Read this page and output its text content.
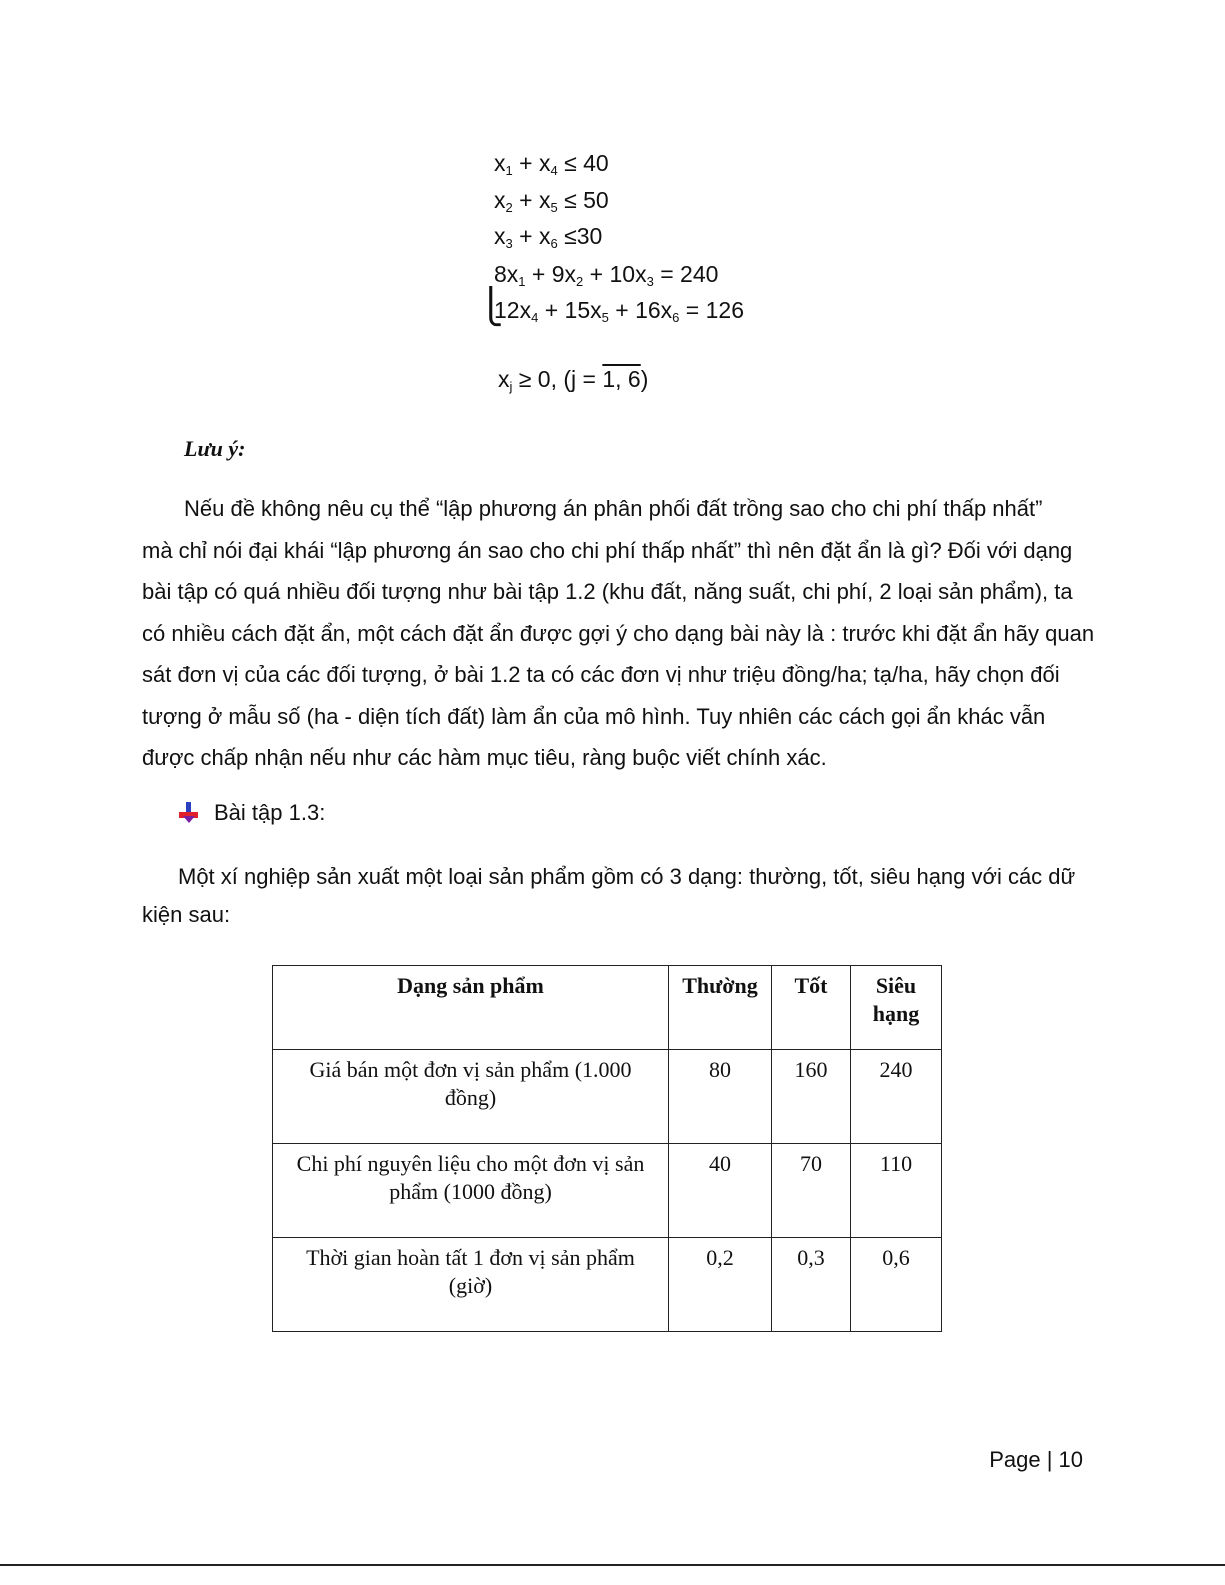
$x_1 + x_4 \le 40$
$x_2 + x_5 \le 50$
$x_3 + x_6 \le 30$
$8x_1 + 9x_2 + 10x_3 = 240$
⎩
$12x_4 + 15x_5 + 16x_6 = 126$
$x_j \ge 0$, (j = 1, 6)
Lưu ý:
Nếu đề không nêu cụ thể “lập phương án phân phối đất trồng sao cho chi phí thấp nhất”
mà chỉ nói đại khái “lập phương án sao cho chi phí thấp nhất” thì nên đặt ẩn là gì? Đối với dạng
bài tập có quá nhiều đối tượng như bài tập 1.2 (khu đất, năng suất, chi phí, 2 loại sản phẩm), ta
có nhiều cách đặt ẩn, một cách đặt ẩn được gợi ý cho dạng bài này là : trước khi đặt ẩn hãy quan
sát đơn vị của các đối tượng, ở bài 1.2 ta có các đơn vị như triệu đồng/ha; tạ/ha, hãy chọn đối
tượng ở mẫu số (ha - diện tích đất) làm ẩn của mô hình. Tuy nhiên các cách gọi ẩn khác vẫn
được chấp nhận nếu như các hàm mục tiêu, ràng buộc viết chính xác.
Bài tập 1.3:
Một xí nghiệp sản xuất một loại sản phẩm gồm có 3 dạng: thường, tốt, siêu hạng với các dữ
kiện sau:
Dạng sản phẩm	Thường	Tốt	Siêu hạng
Giá bán một đơn vị sản phẩm (1.000 đồng)	80	160	240
Chi phí nguyên liệu cho một đơn vị sản phẩm (1000 đồng)	40	70	110
Thời gian hoàn tất 1 đơn vị sản phẩm (giờ)	0,2	0,3	0,6
Page | 10
